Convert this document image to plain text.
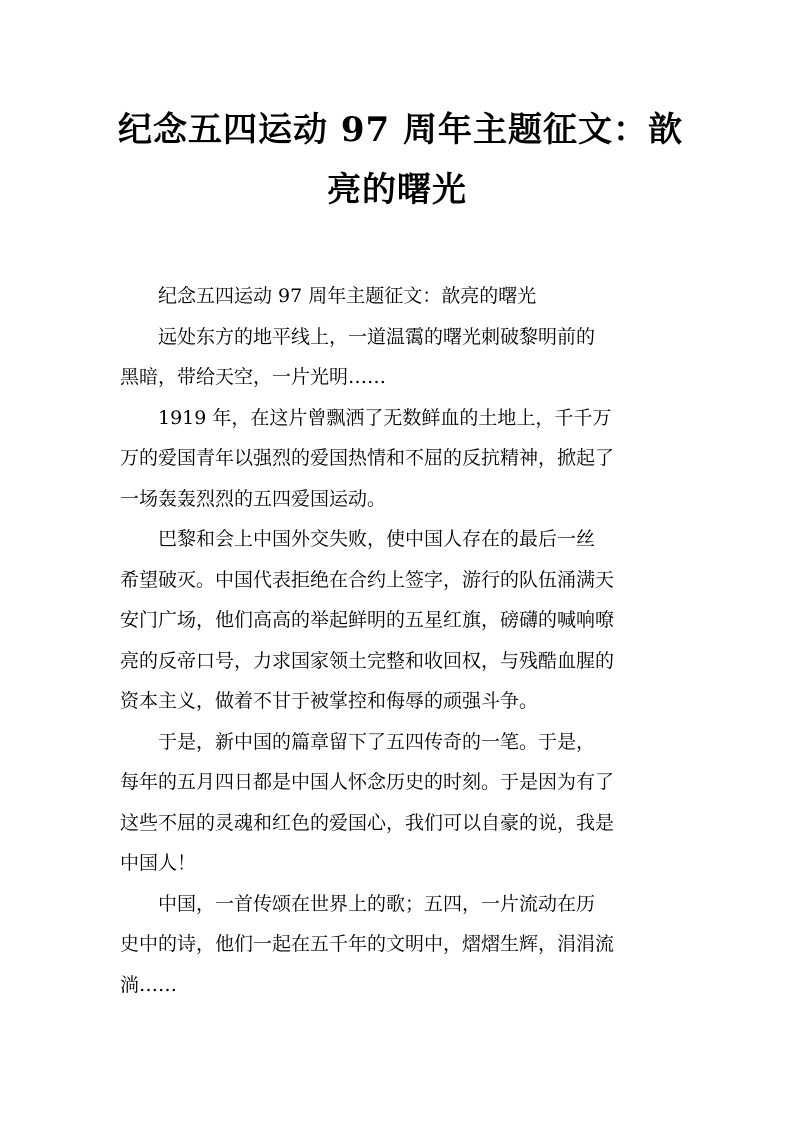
纪念五四运动 97 周年主题征文：歆
亮的曙光
纪念五四运动 97 周年主题征文：歆亮的曙光
远处东方的地平线上，一道温霭的曙光刺破黎明前的
黑暗，带给天空，一片光明……
1919 年，在这片曾飘洒了无数鲜血的土地上，千千万
万的爱国青年以强烈的爱国热情和不屈的反抗精神，掀起了
一场轰轰烈烈的五四爱国运动。
巴黎和会上中国外交失败，使中国人存在的最后一丝
希望破灭。中国代表拒绝在合约上签字，游行的队伍涌满天
安门广场，他们高高的举起鲜明的五星红旗，磅礴的喊响嘹
亮的反帝口号，力求国家领土完整和收回权，与残酷血腥的
资本主义，做着不甘于被掌控和侮辱的顽强斗争。
于是，新中国的篇章留下了五四传奇的一笔。于是，
每年的五月四日都是中国人怀念历史的时刻。于是因为有了
这些不屈的灵魂和红色的爱国心，我们可以自豪的说，我是
中国人！
中国，一首传颂在世界上的歌；五四，一片流动在历
史中的诗，他们一起在五千年的文明中，熠熠生辉，涓涓流
淌……
